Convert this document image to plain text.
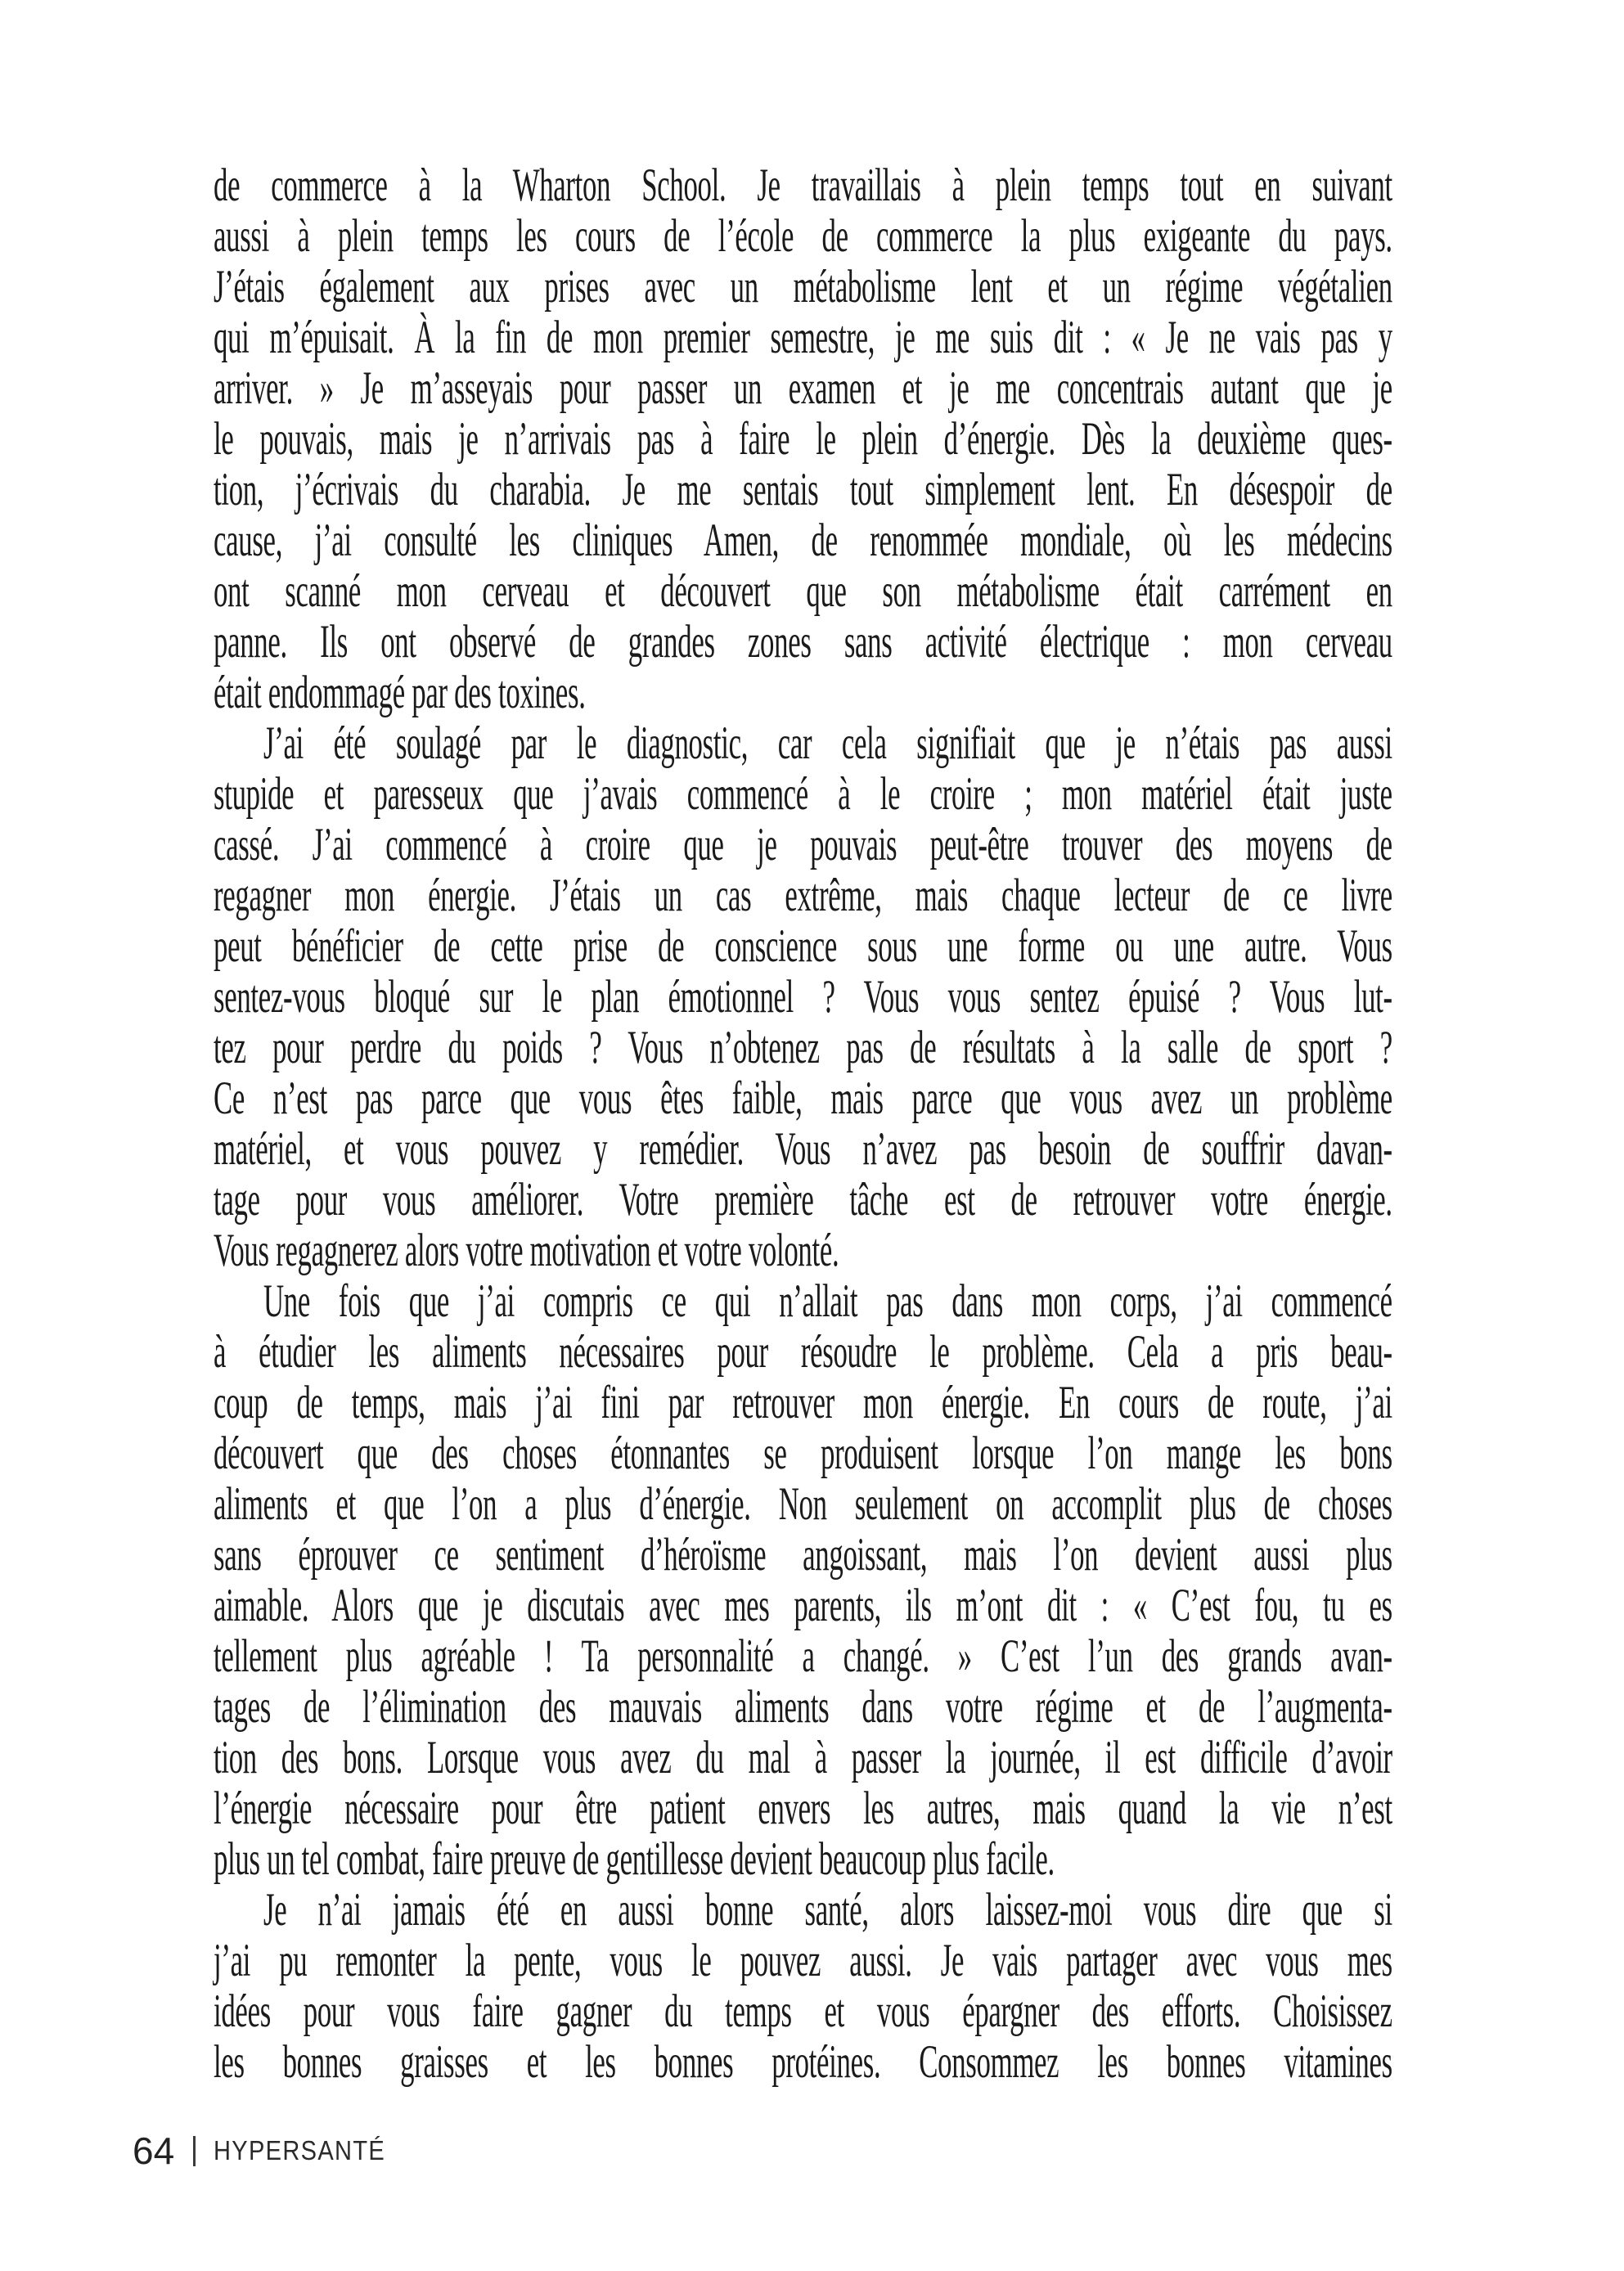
de commerce à la Wharton School. Je travaillais à plein temps tout en suivant
aussi à plein temps les cours de l’école de commerce la plus exigeante du pays.
J’étais également aux prises avec un métabolisme lent et un régime végétalien
qui m’épuisait. À la fin de mon premier semestre, je me suis dit : « Je ne vais pas y
arriver. » Je m’asseyais pour passer un examen et je me concentrais autant que je
le pouvais, mais je n’arrivais pas à faire le plein d’énergie. Dès la deuxième ques-
tion, j’écrivais du charabia. Je me sentais tout simplement lent. En désespoir de
cause, j’ai consulté les cliniques Amen, de renommée mondiale, où les médecins
ont scanné mon cerveau et découvert que son métabolisme était carrément en
panne. Ils ont observé de grandes zones sans activité électrique : mon cerveau
était endommagé par des toxines.
J’ai été soulagé par le diagnostic, car cela signifiait que je n’étais pas aussi
stupide et paresseux que j’avais commencé à le croire ; mon matériel était juste
cassé. J’ai commencé à croire que je pouvais peut-être trouver des moyens de
regagner mon énergie. J’étais un cas extrême, mais chaque lecteur de ce livre
peut bénéficier de cette prise de conscience sous une forme ou une autre. Vous
sentez-vous bloqué sur le plan émotionnel ? Vous vous sentez épuisé ? Vous lut-
tez pour perdre du poids ? Vous n’obtenez pas de résultats à la salle de sport ?
Ce n’est pas parce que vous êtes faible, mais parce que vous avez un problème
matériel, et vous pouvez y remédier. Vous n’avez pas besoin de souffrir davan-
tage pour vous améliorer. Votre première tâche est de retrouver votre énergie.
Vous regagnerez alors votre motivation et votre volonté.
Une fois que j’ai compris ce qui n’allait pas dans mon corps, j’ai commencé
à étudier les aliments nécessaires pour résoudre le problème. Cela a pris beau-
coup de temps, mais j’ai fini par retrouver mon énergie. En cours de route, j’ai
découvert que des choses étonnantes se produisent lorsque l’on mange les bons
aliments et que l’on a plus d’énergie. Non seulement on accomplit plus de choses
sans éprouver ce sentiment d’héroïsme angoissant, mais l’on devient aussi plus
aimable. Alors que je discutais avec mes parents, ils m’ont dit : « C’est fou, tu es
tellement plus agréable ! Ta personnalité a changé. » C’est l’un des grands avan-
tages de l’élimination des mauvais aliments dans votre régime et de l’augmenta-
tion des bons. Lorsque vous avez du mal à passer la journée, il est difficile d’avoir
l’énergie nécessaire pour être patient envers les autres, mais quand la vie n’est
plus un tel combat, faire preuve de gentillesse devient beaucoup plus facile.
Je n’ai jamais été en aussi bonne santé, alors laissez-moi vous dire que si
j’ai pu remonter la pente, vous le pouvez aussi. Je vais partager avec vous mes
idées pour vous faire gagner du temps et vous épargner des efforts. Choisissez
les bonnes graisses et les bonnes protéines. Consommez les bonnes vitamines
64 HYPERSANTÉ
